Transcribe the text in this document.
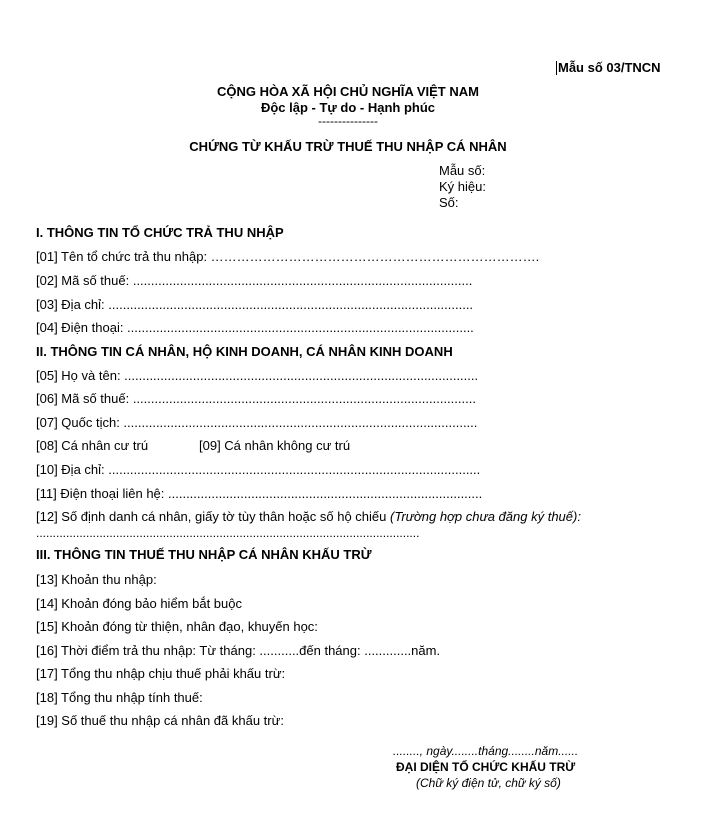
Mẫu số 03/TNCN
CỘNG HÒA XÃ HỘI CHỦ NGHĨA VIỆT NAM
Độc lập - Tự do - Hạnh phúc
---------------
CHỨNG TỪ KHẤU TRỪ THUẾ THU NHẬP CÁ NHÂN
Mẫu số:
Ký hiệu:
Số:
I. THÔNG TIN TỔ CHỨC TRẢ THU NHẬP
[01] Tên tổ chức trả thu nhập: ………………………………………………………………….
[02] Mã số thuế: ..............................................................................................
[03] Địa chỉ: .....................................................................................................
[04] Điện thoại: ................................................................................................
II. THÔNG TIN CÁ NHÂN, HỘ KINH DOANH, CÁ NHÂN KINH DOANH
[05] Họ và tên: ..................................................................................................
[06] Mã số thuế: ...............................................................................................
[07] Quốc tịch: ..................................................................................................
[08] Cá nhân cư trú	[09] Cá nhân không cư trú
[10] Địa chỉ: .......................................................................................................
[11] Điện thoại liên hệ: .......................................................................................
[12] Số định danh cá nhân, giấy tờ tùy thân hoặc số hộ chiếu (Trường hợp chưa đăng ký thuế):
...................................................................................................................
III. THÔNG TIN THUẾ THU NHẬP CÁ NHÂN KHẤU TRỪ
[13] Khoản thu nhập:
[14] Khoản đóng bảo hiểm bắt buộc
[15] Khoản đóng từ thiện, nhân đạo, khuyến học:
[16] Thời điểm trả thu nhập: Từ tháng: ...........đến tháng: .............năm.
[17] Tổng thu nhập chịu thuế phải khấu trừ:
[18] Tổng thu nhập tính thuế:
[19] Số thuế thu nhập cá nhân đã khấu trừ:
........, ngày........tháng........năm......
ĐẠI DIỆN TỔ CHỨC KHẤU TRỪ
(Chữ ký điện tử, chữ ký số)
